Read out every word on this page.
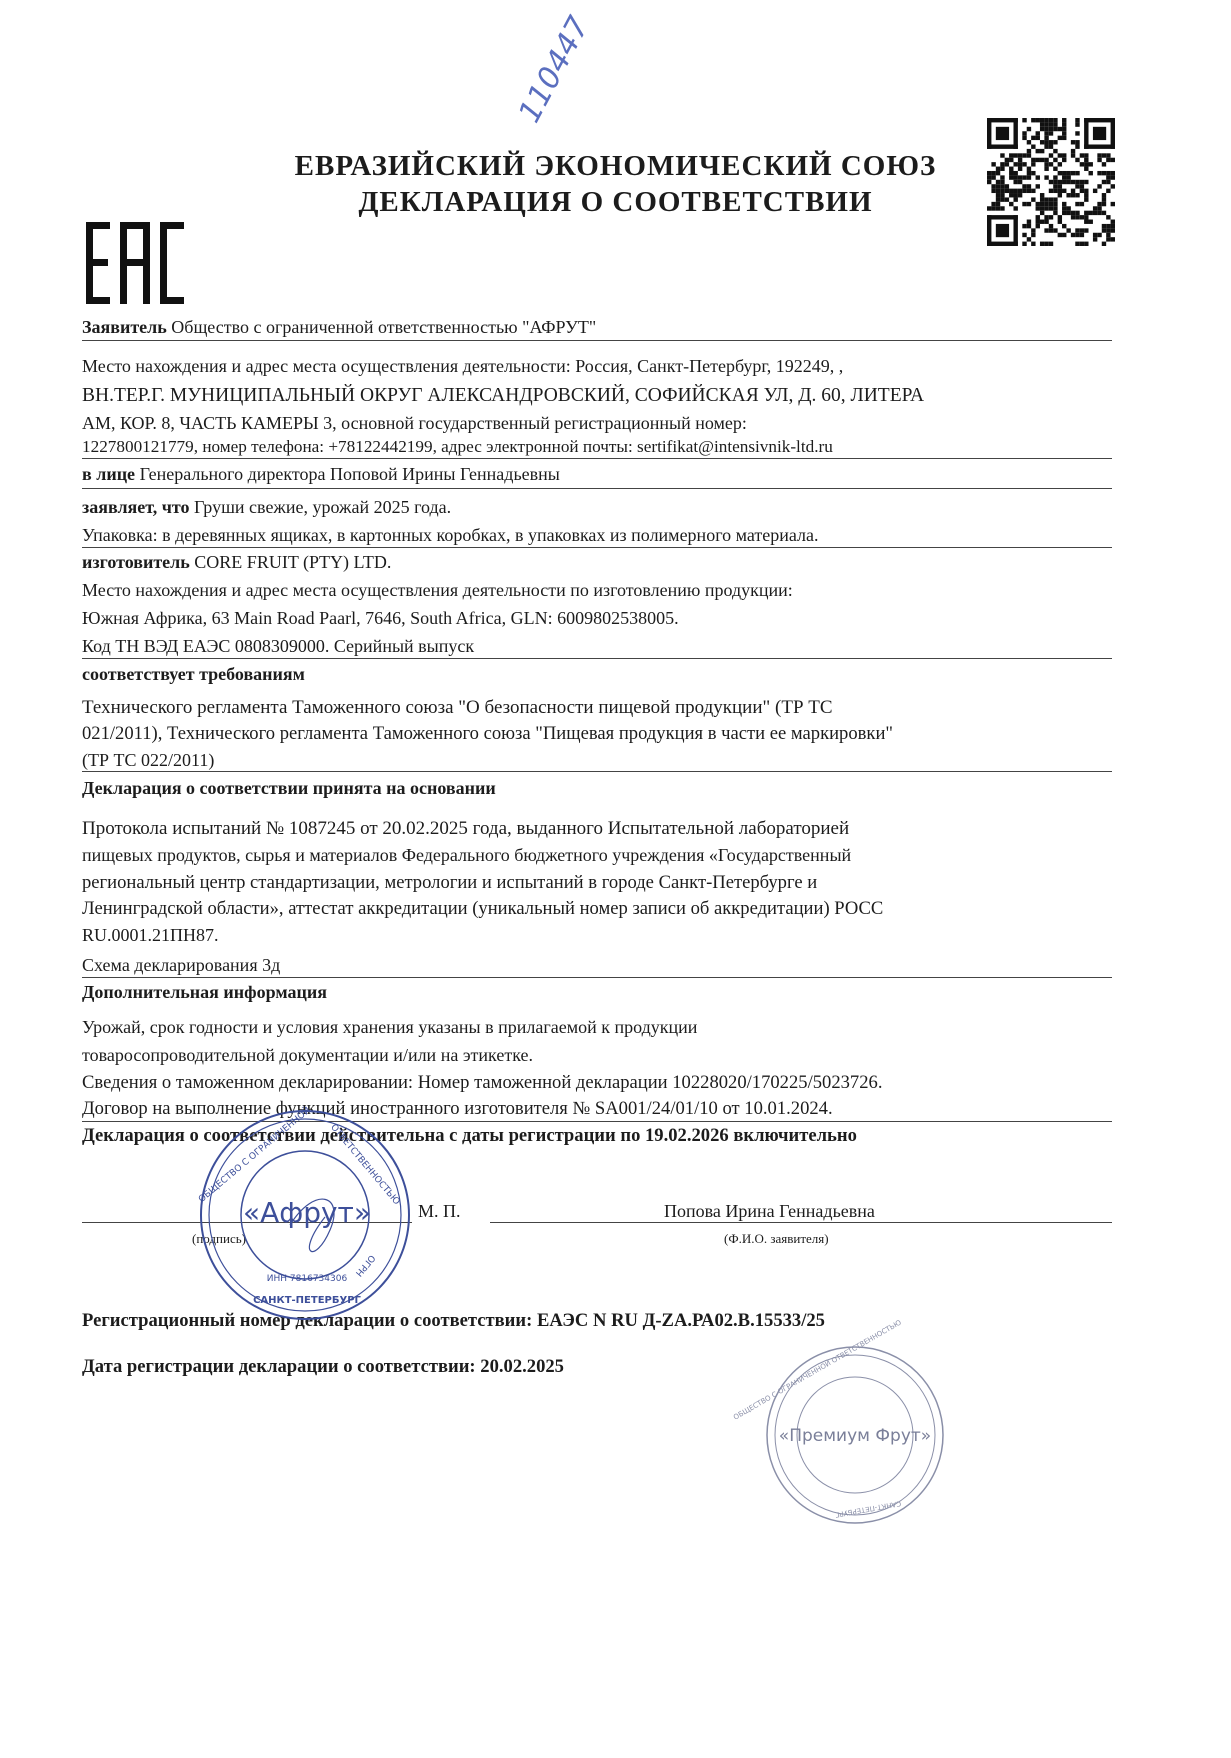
110447
ЕВРАЗИЙСКИЙ ЭКОНОМИЧЕСКИЙ СОЮЗ
ДЕКЛАРАЦИЯ О СООТВЕТСТВИИ
Заявитель Общество с ограниченной ответственностью "АФРУТ"
Место нахождения и адрес места осуществления деятельности: Россия, Санкт-Петербург, 192249, ,
ВН.ТЕР.Г. МУНИЦИПАЛЬНЫЙ ОКРУГ АЛЕКСАНДРОВСКИЙ, СОФИЙСКАЯ УЛ, Д. 60, ЛИТЕРА
АМ, КОР. 8, ЧАСТЬ КАМЕРЫ 3, основной государственный регистрационный номер:
1227800121779, номер телефона: +78122442199, адрес электронной почты: sertifikat@intensivnik-ltd.ru
в лице Генерального директора Поповой Ирины Геннадьевны
заявляет, что Груши свежие, урожай 2025 года.
Упаковка: в деревянных ящиках, в картонных коробках, в упаковках из полимерного материала.
изготовитель CORE FRUIT (PTY) LTD.
Место нахождения и адрес места осуществления деятельности по изготовлению продукции:
Южная Африка, 63 Main Road Paarl, 7646, South Africa, GLN: 6009802538005.
Код ТН ВЭД ЕАЭС 0808309000. Серийный выпуск
соответствует требованиям
Технического регламента Таможенного союза "О безопасности пищевой продукции" (ТР ТС
021/2011), Технического регламента Таможенного союза "Пищевая продукция в части ее маркировки"
(ТР ТС 022/2011)
Декларация о соответствии принята на основании
Протокола испытаний № 1087245 от 20.02.2025 года, выданного Испытательной лабораторией
пищевых продуктов, сырья и материалов Федерального бюджетного учреждения «Государственный
региональный центр стандартизации, метрологии и испытаний в городе Санкт-Петербурге и
Ленинградской области», аттестат аккредитации (уникальный номер записи об аккредитации) РОСС
RU.0001.21ПН87.
Схема декларирования 3д
Дополнительная информация
Урожай, срок годности и условия хранения указаны в прилагаемой к продукции
товаросопроводительной документации и/или на этикетке.
Сведения о таможенном декларировании: Номер таможенной декларации 10228020/170225/5023726.
Договор на выполнение функций иностранного изготовителя № SA001/24/01/10 от 10.01.2024.
Декларация о соответствии действительна с даты регистрации по 19.02.2026 включительно
(подпись)
М. П.	Попова Ирина Геннадьевна
(Ф.И.О. заявителя)
Регистрационный номер декларации о соответствии: ЕАЭС N RU Д-ZA.РА02.В.15533/25
Дата регистрации декларации о соответствии: 20.02.2025
ОБЩЕСТВО С ОГРАНИЧЕННОЙ ОТВЕТСТВЕННОСТЬЮ
ОГРН
«Афрут»
ИНН 7816734306
САНКТ-ПЕТЕРБУРГ
ОБЩЕСТВО С ОГРАНИЧЕННОЙ ОТВЕТСТВЕННОСТЬЮ
САНКТ-ПЕТЕРБУРГ
«Премиум Фрут»
